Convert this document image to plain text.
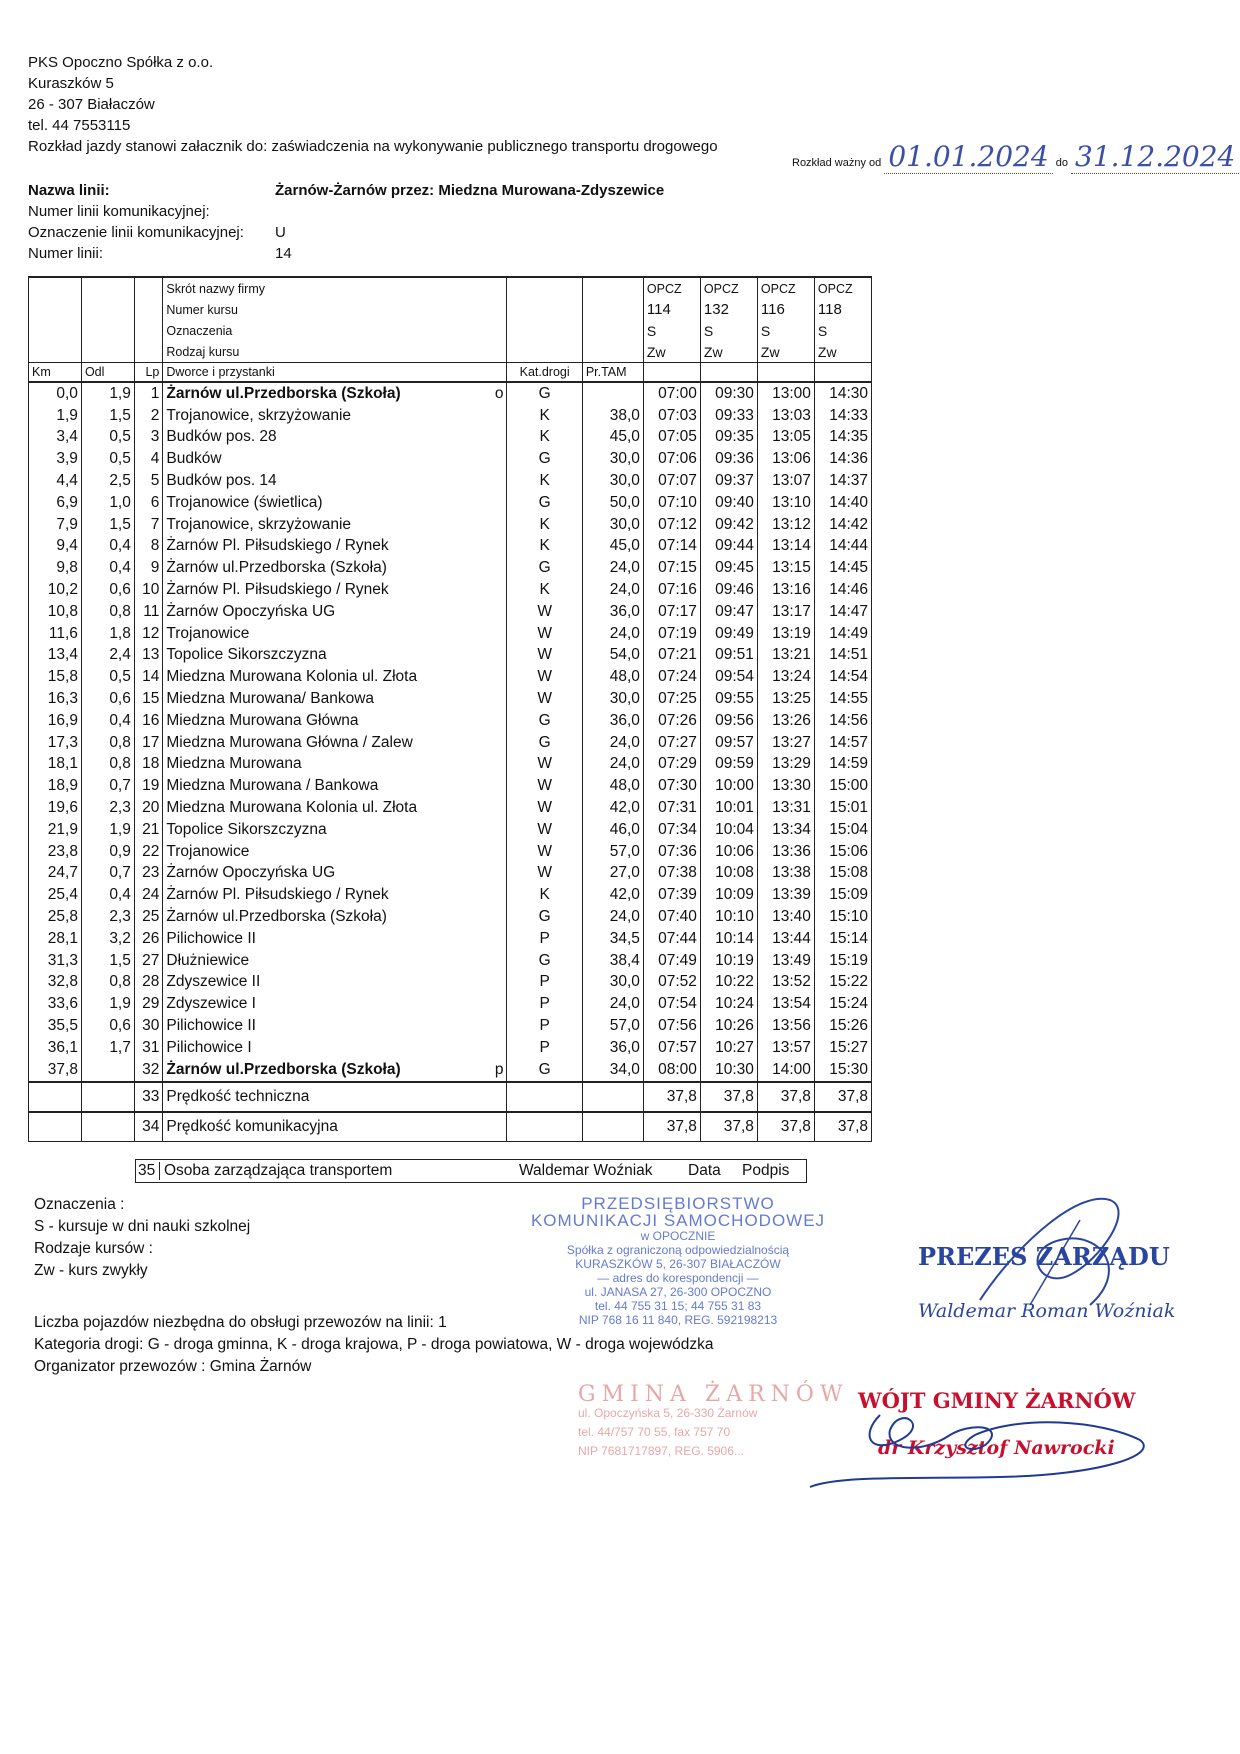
PKS Opoczno Spółka z o.o.
Kuraszków 5
26 - 307 Białaczów
tel. 44 7553115
Rozkład jazdy stanowi załacznik do: zaświadczenia na wykonywanie publicznego transportu drogowego
Rozkład ważny od 01.01.2024 do 31.12.2024
Nazwa linii:	Żarnów-Żarnów przez: Miedzna Murowana-Zdyszewice
Numer linii komunikacyjnej:
Oznaczenie linii komunikacyjnej: U
Numer linii:	14
			Skrót nazwy firmy			OPCZ	OPCZ	OPCZ	OPCZ
			Numer kursu			114	132	116	118
			Oznaczenia			S	S	S	S
			Rodzaj kursu			Zw	Zw	Zw	Zw
Km	Odl	Lp	Dworce i przystanki	Kat.drogi	Pr.TAM				
0,0	1,9	1	Żarnów ul.Przedborska (Szkoła) o	G		07:00	09:30	13:00	14:30
1,9	1,5	2	Trojanowice, skrzyżowanie	K	38,0	07:03	09:33	13:03	14:33
3,4	0,5	3	Budków pos. 28	K	45,0	07:05	09:35	13:05	14:35
3,9	0,5	4	Budków	G	30,0	07:06	09:36	13:06	14:36
4,4	2,5	5	Budków pos. 14	K	30,0	07:07	09:37	13:07	14:37
6,9	1,0	6	Trojanowice (świetlica)	G	50,0	07:10	09:40	13:10	14:40
7,9	1,5	7	Trojanowice, skrzyżowanie	K	30,0	07:12	09:42	13:12	14:42
9,4	0,4	8	Żarnów Pl. Piłsudskiego / Rynek	K	45,0	07:14	09:44	13:14	14:44
9,8	0,4	9	Żarnów ul.Przedborska (Szkoła)	G	24,0	07:15	09:45	13:15	14:45
10,2	0,6	10	Żarnów Pl. Piłsudskiego / Rynek	K	24,0	07:16	09:46	13:16	14:46
10,8	0,8	11	Żarnów Opoczyńska UG	W	36,0	07:17	09:47	13:17	14:47
11,6	1,8	12	Trojanowice	W	24,0	07:19	09:49	13:19	14:49
13,4	2,4	13	Topolice Sikorszczyzna	W	54,0	07:21	09:51	13:21	14:51
15,8	0,5	14	Miedzna Murowana Kolonia ul. Złota	W	48,0	07:24	09:54	13:24	14:54
16,3	0,6	15	Miedzna Murowana/ Bankowa	W	30,0	07:25	09:55	13:25	14:55
16,9	0,4	16	Miedzna Murowana Główna	G	36,0	07:26	09:56	13:26	14:56
17,3	0,8	17	Miedzna Murowana Główna / Zalew	G	24,0	07:27	09:57	13:27	14:57
18,1	0,8	18	Miedzna Murowana	W	24,0	07:29	09:59	13:29	14:59
18,9	0,7	19	Miedzna Murowana / Bankowa	W	48,0	07:30	10:00	13:30	15:00
19,6	2,3	20	Miedzna Murowana Kolonia ul. Złota	W	42,0	07:31	10:01	13:31	15:01
21,9	1,9	21	Topolice Sikorszczyzna	W	46,0	07:34	10:04	13:34	15:04
23,8	0,9	22	Trojanowice	W	57,0	07:36	10:06	13:36	15:06
24,7	0,7	23	Żarnów Opoczyńska UG	W	27,0	07:38	10:08	13:38	15:08
25,4	0,4	24	Żarnów Pl. Piłsudskiego / Rynek	K	42,0	07:39	10:09	13:39	15:09
25,8	2,3	25	Żarnów ul.Przedborska (Szkoła)	G	24,0	07:40	10:10	13:40	15:10
28,1	3,2	26	Pilichowice II	P	34,5	07:44	10:14	13:44	15:14
31,3	1,5	27	Dłużniewice	G	38,4	07:49	10:19	13:49	15:19
32,8	0,8	28	Zdyszewice II	P	30,0	07:52	10:22	13:52	15:22
33,6	1,9	29	Zdyszewice I	P	24,0	07:54	10:24	13:54	15:24
35,5	0,6	30	Pilichowice II	P	57,0	07:56	10:26	13:56	15:26
36,1	1,7	31	Pilichowice I	P	36,0	07:57	10:27	13:57	15:27
37,8		32	Żarnów ul.Przedborska (Szkoła) p	G	34,0	08:00	10:30	14:00	15:30
		33	Prędkość techniczna			37,8	37,8	37,8	37,8
		34	Prędkość komunikacyjna			37,8	37,8	37,8	37,8
35 Osoba zarządzająca transportem	Waldemar Woźniak Data Podpis
Oznaczenia :
S - kursuje w dni nauki szkolnej
Rodzaje kursów :
Zw - kurs zwykły
PRZEDSIĘBIORSTWO
KOMUNIKACJI SAMOCHODOWEJ
w OPOCZNIE
Spółka z ograniczoną odpowiedzialnością
KURASZKÓW 5, 26-307 BIAŁACZÓW
— adres do korespondencji —
ul. JANASA 27, 26-300 OPOCZNO
tel. 44 755 31 15; 44 755 31 83
NIP 768 16 11 840, REG. 592198213
Liczba pojazdów niezbędna do obsługi przewozów na linii: 1
Kategoria drogi: G - droga gminna, K - droga krajowa, P - droga powiatowa, W - droga wojewódzka
Organizator przewozów : Gmina Żarnów
PREZES ZARZĄDU
Waldemar Roman Woźniak
GMINA ŻARNÓW
ul. Opoczyńska 5, 26-330 Żarnów
tel. 44/757 70 55, fax 757 70
NIP 7681717897, REG. 5906...
WÓJT GMINY ŻARNÓW
dr Krzysztof Nawrocki
